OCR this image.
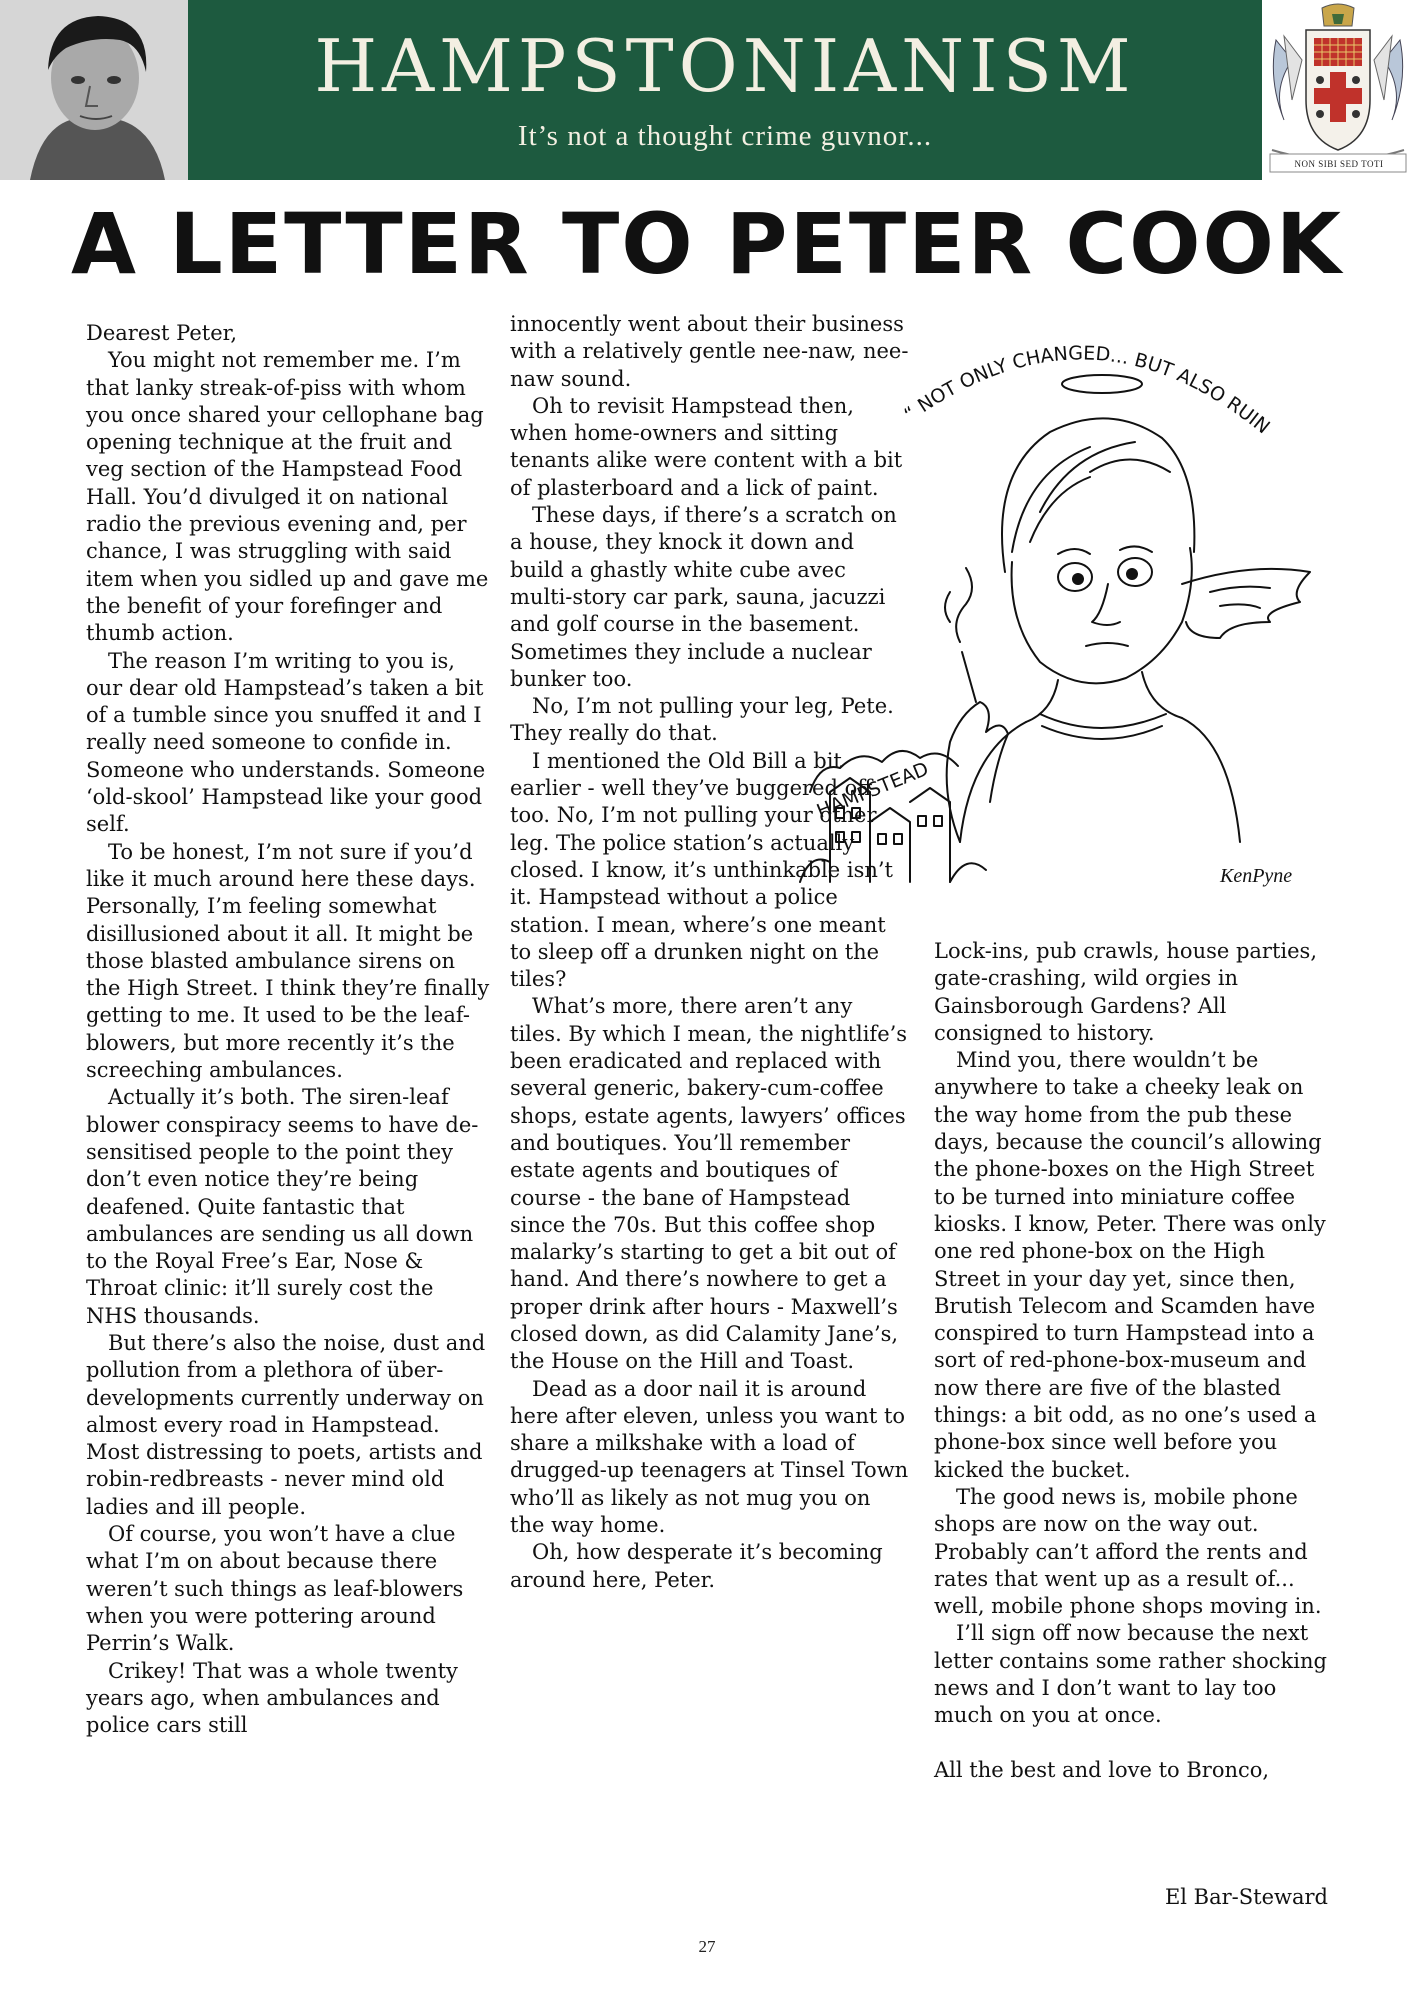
HAMPSTONIANISM
It’s not a thought crime guvnor...
NON SIBI SED TOTI
A LETTER TO PETER COOK

Dearest Peter,

You might not remember me. I’m that lanky streak-of-piss with whom you once shared your cellophane bag opening technique at the fruit and veg section of the Hampstead Food Hall. You’d divulged it on national radio the previous evening and, per chance, I was struggling with said item when you sidled up and gave me the benefit of your forefinger and thumb action.

The reason I’m writing to you is, our dear old Hampstead’s taken a bit of a tumble since you snuffed it and I really need someone to confide in. Someone who understands. Someone ‘old-skool’ Hampstead like your good self.

To be honest, I’m not sure if you’d like it much around here these days. Personally, I’m feeling somewhat disillusioned about it all. It might be those blasted ambulance sirens on the High Street. I think they’re finally getting to me. It used to be the leaf-blowers, but more recently it’s the screeching ambulances.

Actually it’s both. The siren-leaf blower conspiracy seems to have de-sensitised people to the point they don’t even notice they’re being deafened. Quite fantastic that ambulances are sending us all down to the Royal Free’s Ear, Nose & Throat clinic: it’ll surely cost the NHS thousands.

But there’s also the noise, dust and pollution from a plethora of über-developments currently underway on almost every road in Hampstead. Most distressing to poets, artists and robin-redbreasts - never mind old ladies and ill people.

Of course, you won’t have a clue what I’m on about because there weren’t such things as leaf-blowers when you were pottering around Perrin’s Walk.

Crikey! That was a whole twenty years ago, when ambulances and police cars still

innocently went about their business with a relatively gentle nee-naw, nee-naw sound.

Oh to revisit Hampstead then, when home-owners and sitting tenants alike were content with a bit of plasterboard and a lick of paint.

These days, if there’s a scratch on a house, they knock it down and build a ghastly white cube avec multi-story car park, sauna, jacuzzi and golf course in the basement. Sometimes they include a nuclear bunker too.

No, I’m not pulling your leg, Pete. They really do that.

I mentioned the Old Bill a bit earlier - well they’ve buggered off too. No, I’m not pulling your other leg. The police station’s actually closed. I know, it’s unthinkable isn’t it. Hampstead without a police station. I mean, where’s one meant to sleep off a drunken night on the tiles?

What’s more, there aren’t any tiles. By which I mean, the nightlife’s been eradicated and replaced with several generic, bakery-cum-coffee shops, estate agents, lawyers’ offices and boutiques. You’ll remember estate agents and boutiques of course - the bane of Hampstead since the 70s. But this coffee shop malarky’s starting to get a bit out of hand. And there’s nowhere to get a proper drink after hours - Maxwell’s closed down, as did Calamity Jane’s, the House on the Hill and Toast.

Dead as a door nail it is around here after eleven, unless you want to share a milkshake with a load of drugged-up teenagers at Tinsel Town who’ll as likely as not mug you on the way home.

Oh, how desperate it’s becoming around here, Peter.

Lock-ins, pub crawls, house parties, gate-crashing, wild orgies in Gainsborough Gardens? All consigned to history.

Mind you, there wouldn’t be anywhere to take a cheeky leak on the way home from the pub these days, because the council’s allowing the phone-boxes on the High Street to be turned into miniature coffee kiosks. I know, Peter. There was only one red phone-box on the High Street in your day yet, since then, Brutish Telecom and Scamden have conspired to turn Hampstead into a sort of red-phone-box-museum and now there are five of the blasted things: a bit odd, as no one’s used a phone-box since well before you kicked the bucket.

The good news is, mobile phone shops are now on the way out. Probably can’t afford the rents and rates that went up as a result of... well, mobile phone shops moving in.

I’ll sign off now because the next letter contains some rather shocking news and I don’t want to lay too much on you at once.

All the best and love to Bronco,

El Bar-Steward
“ NOT ONLY CHANGED... BUT ALSO RUIN
HAMPSTEAD
KenPyne
27
